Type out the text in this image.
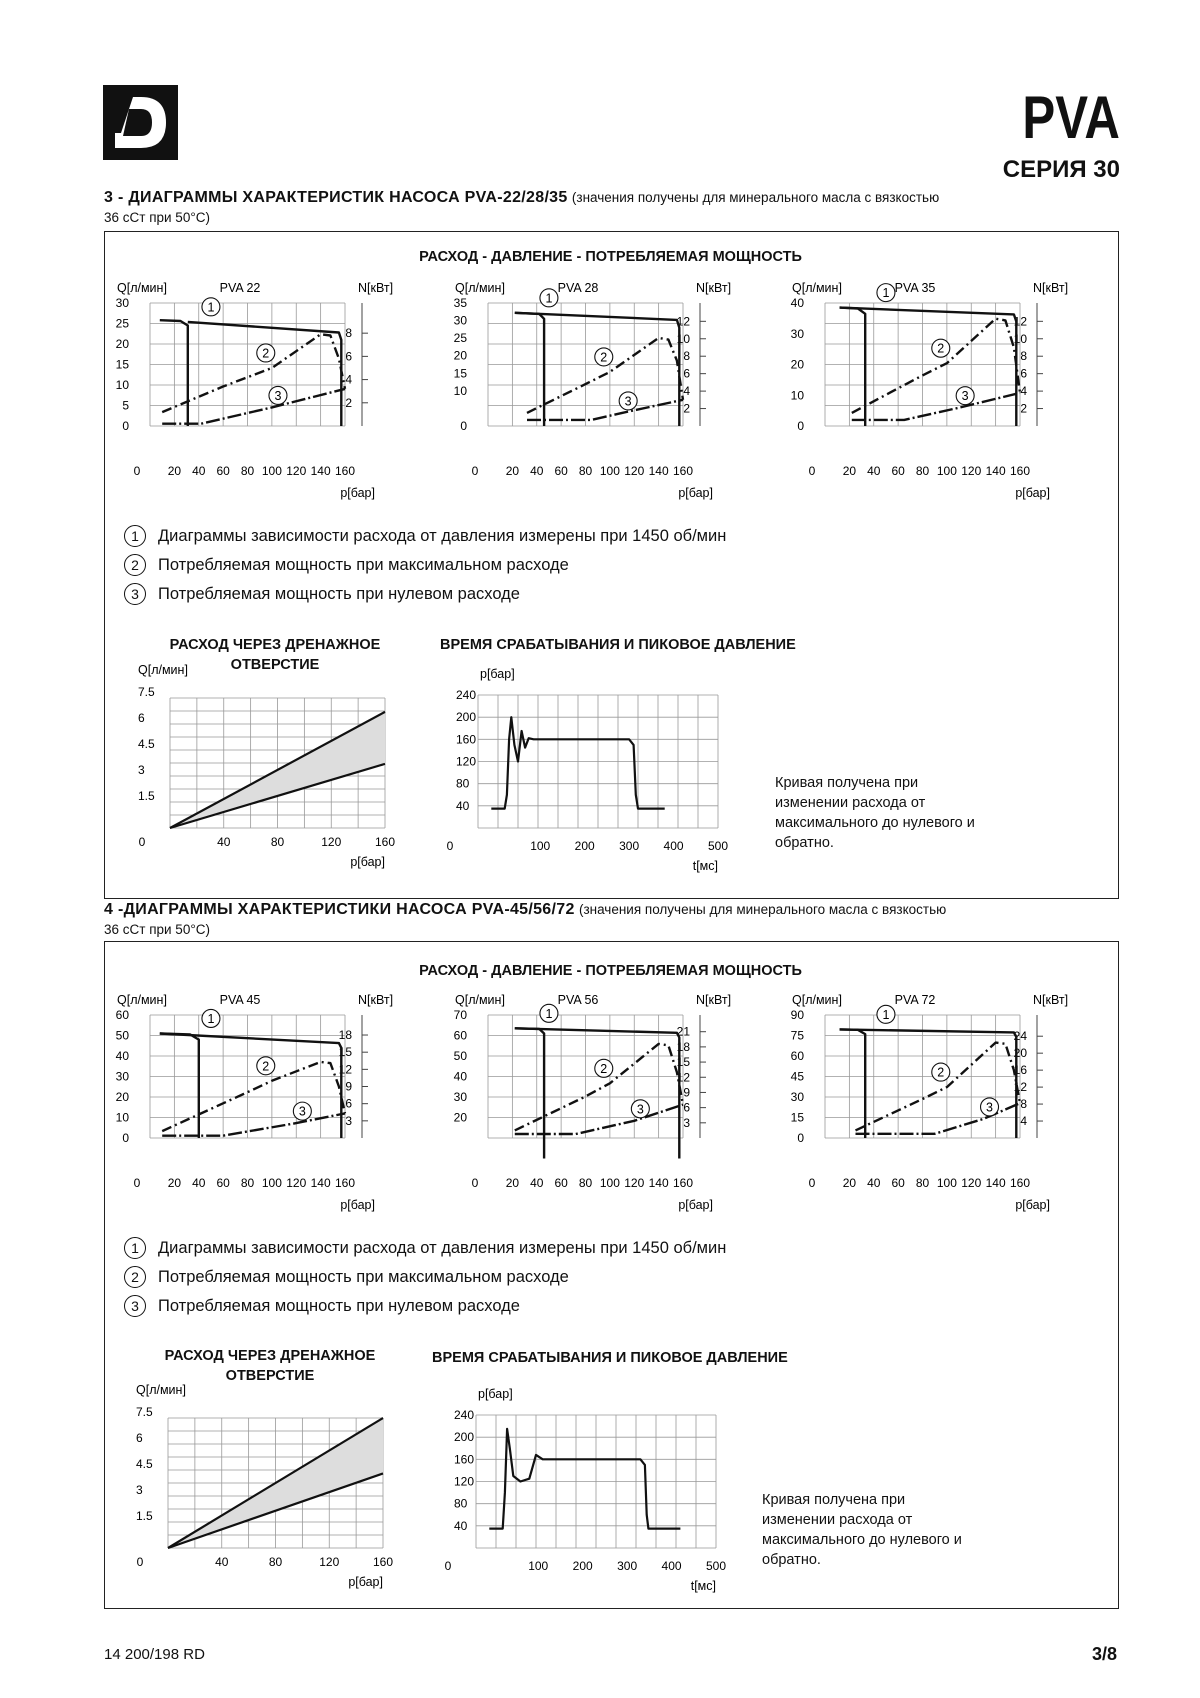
PVA
СЕРИЯ 30
3 - ДИАГРАММЫ ХАРАКТЕРИСТИК НАСОСА PVA-22/28/35 (значения получены для минерального масла с вязкостью
36 сСт при 50°C)
РАСХОД - ДАВЛЕНИЕ - ПОТРЕБЛЯЕМАЯ МОЩНОСТЬ
2
4
6
8
Q[л/мин]	N[кВт]
PVA 22
р[бар]
0
5
10
15
20
25
30
0 20 40 60 80 100 120 140 160
1
2
3
2
4
6
8
10
12
Q[л/мин]	N[кВт]
PVA 28
р[бар]
0
10
15
20
25
30
35
0 20 40 60 80 100 120 140 160
1
2
3
2
4
6
8
10
12
Q[л/мин]	N[кВт]
PVA 35
р[бар]
0
10
20
30
40
0 20 40 60 80 100 120 140 160
1
2
3
1	Диаграммы зависимости расхода от давления измерены при 1450 об/мин
2	Потребляемая мощность при максимальном расходе
3	Потребляемая мощность при нулевом расходе
РАСХОД ЧЕРЕЗ ДРЕНАЖНОЕ
ОТВЕРСТИЕ
Q[л/мин]
р[бар]
1.5
3
4.5
6
7.5
0	40	80	120	160
ВРЕМЯ СРАБАТЫВАНИЯ И ПИКОВОЕ ДАВЛЕНИЕ
р[бар]
t[мс]
40
80
120
160
200
240
0	100 200 300 400 500
Кривая получена при
изменении расхода от
максимального до нулевого и
обратно.
4 -ДИАГРАММЫ ХАРАКТЕРИСТИКИ НАСОСА PVA-45/56/72 (значения получены для минерального масла с вязкостью
36 сСт при 50°C)
РАСХОД - ДАВЛЕНИЕ - ПОТРЕБЛЯЕМАЯ МОЩНОСТЬ
3
6
9
12
15
18
Q[л/мин]	N[кВт]
PVA 45
р[бар]
0
10
20
30
40
50
60
0 20 40 60 80 100 120 140 160
1
2
3
3
6
9
12
15
18
21
Q[л/мин]	N[кВт]
PVA 56
р[бар]
20
30
40
50
60
70
0 20 40 60 80 100 120 140 160
1
2
3
4
8
12
16
20
24
Q[л/мин]	N[кВт]
PVA 72
р[бар]
0
15
30
45
60
75
90
0 20 40 60 80 100 120 140 160
1
2
3
1	Диаграммы зависимости расхода от давления измерены при 1450 об/мин
2	Потребляемая мощность при максимальном расходе
3	Потребляемая мощность при нулевом расходе
РАСХОД ЧЕРЕЗ ДРЕНАЖНОЕ
ОТВЕРСТИЕ
Q[л/мин]
р[бар]
1.5
3
4.5
6
7.5
0	40	80	120	160
ВРЕМЯ СРАБАТЫВАНИЯ И ПИКОВОЕ ДАВЛЕНИЕ
р[бар]
t[мс]
40
80
120
160
200
240
0	100 200 300 400 500
Кривая получена при
изменении расхода от
максимального до нулевого и
обратно.
14 200/198 RD	3/8
